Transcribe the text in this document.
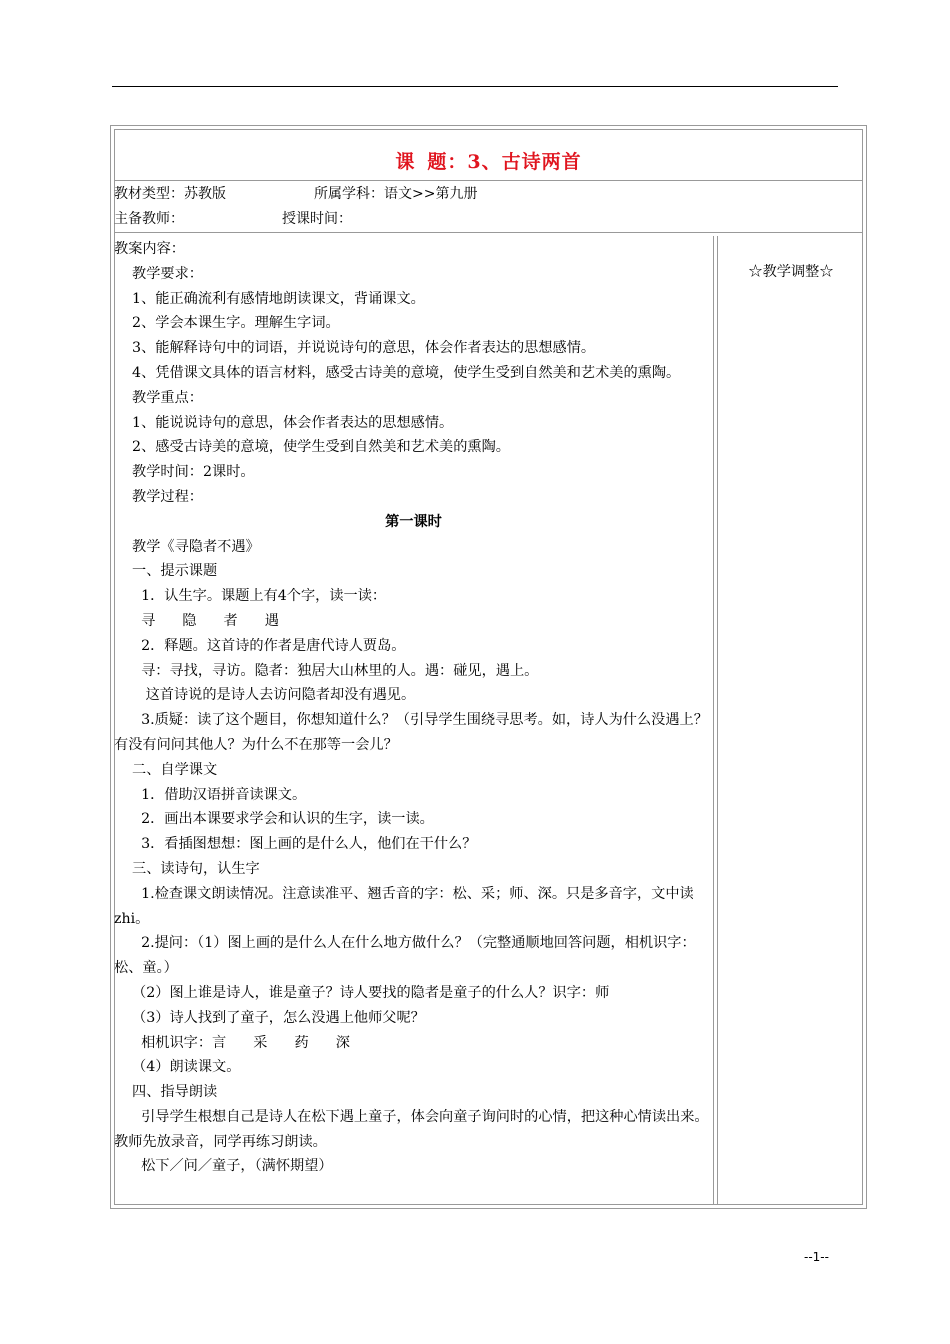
课 题：3、古诗两首
教材类型：苏教版	所属学科：语文>>第九册
主备教师：	授课时间：
☆教学调整☆

教案内容：

教学要求：

1、能正确流利有感情地朗读课文，背诵课文。

2、学会本课生字。理解生字词。

3、能解释诗句中的词语，并说说诗句的意思，体会作者表达的思想感情。

4、凭借课文具体的语言材料，感受古诗美的意境，使学生受到自然美和艺术美的熏陶。

教学重点：

1、能说说诗句的意思，体会作者表达的思想感情。

2、感受古诗美的意境，使学生受到自然美和艺术美的熏陶。

教学时间：2课时。

教学过程：

第一课时

教学《寻隐者不遇》

一、提示课题

1．认生字。课题上有4个字，读一读：

寻      隐      者      遇

2．释题。这首诗的作者是唐代诗人贾岛。

寻：寻找，寻访。隐者：独居大山林里的人。遇：碰见，遇上。

这首诗说的是诗人去访问隐者却没有遇见。

3.质疑：读了这个题目，你想知道什么？（引导学生围绕寻思考。如，诗人为什么没遇上？有没有问问其他人？为什么不在那等一会儿？

二、自学课文

1．借助汉语拼音读课文。

2．画出本课要求学会和认识的生字，读一读。

3．看插图想想：图上画的是什么人，他们在干什么？

三、读诗句，认生字

1.检查课文朗读情况。注意读准平、翘舌音的字：松、采；师、深。只是多音字，文中读zhi。

2.提问：（1）图上画的是什么人在什么地方做什么？（完整通顺地回答问题，相机识字：松、童。）

（2）图上谁是诗人，谁是童子？诗人要找的隐者是童子的什么人？识字：师

（3）诗人找到了童子，怎么没遇上他师父呢？

相机识字：言      采      药      深

（4）朗读课文。

四、指导朗读

引导学生根想自己是诗人在松下遇上童子，体会向童子询问时的心情，把这种心情读出来。教师先放录音，同学再练习朗读。

松下／问／童子，（满怀期望）

--1--
